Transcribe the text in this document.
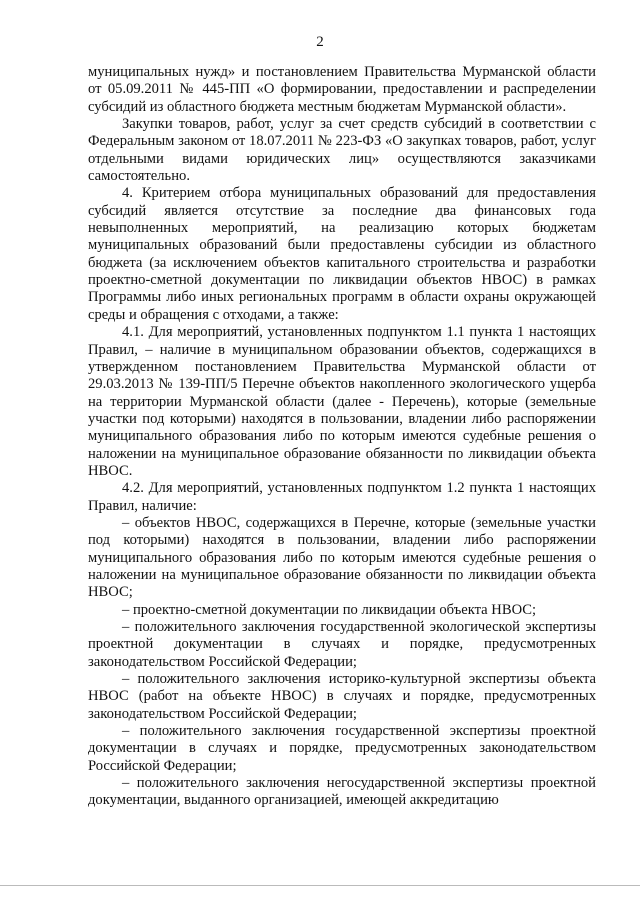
2

муниципальных нужд» и постановлением Правительства Мурманской области от 05.09.2011 № 445-ПП «О формировании, предоставлении и распределении субсидий из областного бюджета местным бюджетам Мурманской области».

Закупки товаров, работ, услуг за счет средств субсидий в соответствии с Федеральным законом от 18.07.2011 № 223-ФЗ «О закупках товаров, работ, услуг отдельными видами юридических лиц» осуществляются заказчиками самостоятельно.

4. Критерием отбора муниципальных образований для предоставления субсидий является отсутствие за последние два финансовых года невыполненных мероприятий, на реализацию которых бюджетам муниципальных образований были предоставлены субсидии из областного бюджета (за исключением объектов капитального строительства и разработки проектно-сметной документации по ликвидации объектов НВОС) в рамках Программы либо иных региональных программ в области охраны окружающей среды и обращения с отходами, а также:

4.1. Для мероприятий, установленных подпунктом 1.1 пункта 1 настоящих Правил, – наличие в муниципальном образовании объектов, содержащихся в утвержденном постановлением Правительства Мурманской области от 29.03.2013 № 139-ПП/5 Перечне объектов накопленного экологического ущерба на территории Мурманской области (далее - Перечень), которые (земельные участки под которыми) находятся в пользовании, владении либо распоряжении муниципального образования либо по которым имеются судебные решения о наложении на муниципальное образование обязанности по ликвидации объекта НВОС.

4.2. Для мероприятий, установленных подпунктом 1.2 пункта 1 настоящих Правил, наличие:

– объектов НВОС, содержащихся в Перечне, которые (земельные участки под которыми) находятся в пользовании, владении либо распоряжении муниципального образования либо по которым имеются судебные решения о наложении на муниципальное образование обязанности по ликвидации объекта НВОС;

– проектно-сметной документации по ликвидации объекта НВОС;

– положительного заключения государственной экологической экспертизы проектной документации в случаях и порядке, предусмотренных законодательством Российской Федерации;

– положительного заключения историко-культурной экспертизы объекта НВОС (работ на объекте НВОС) в случаях и порядке, предусмотренных законодательством Российской Федерации;

– положительного заключения государственной экспертизы проектной документации в случаях и порядке, предусмотренных законодательством Российской Федерации;

– положительного заключения негосударственной экспертизы проектной документации, выданного организацией, имеющей аккредитацию
